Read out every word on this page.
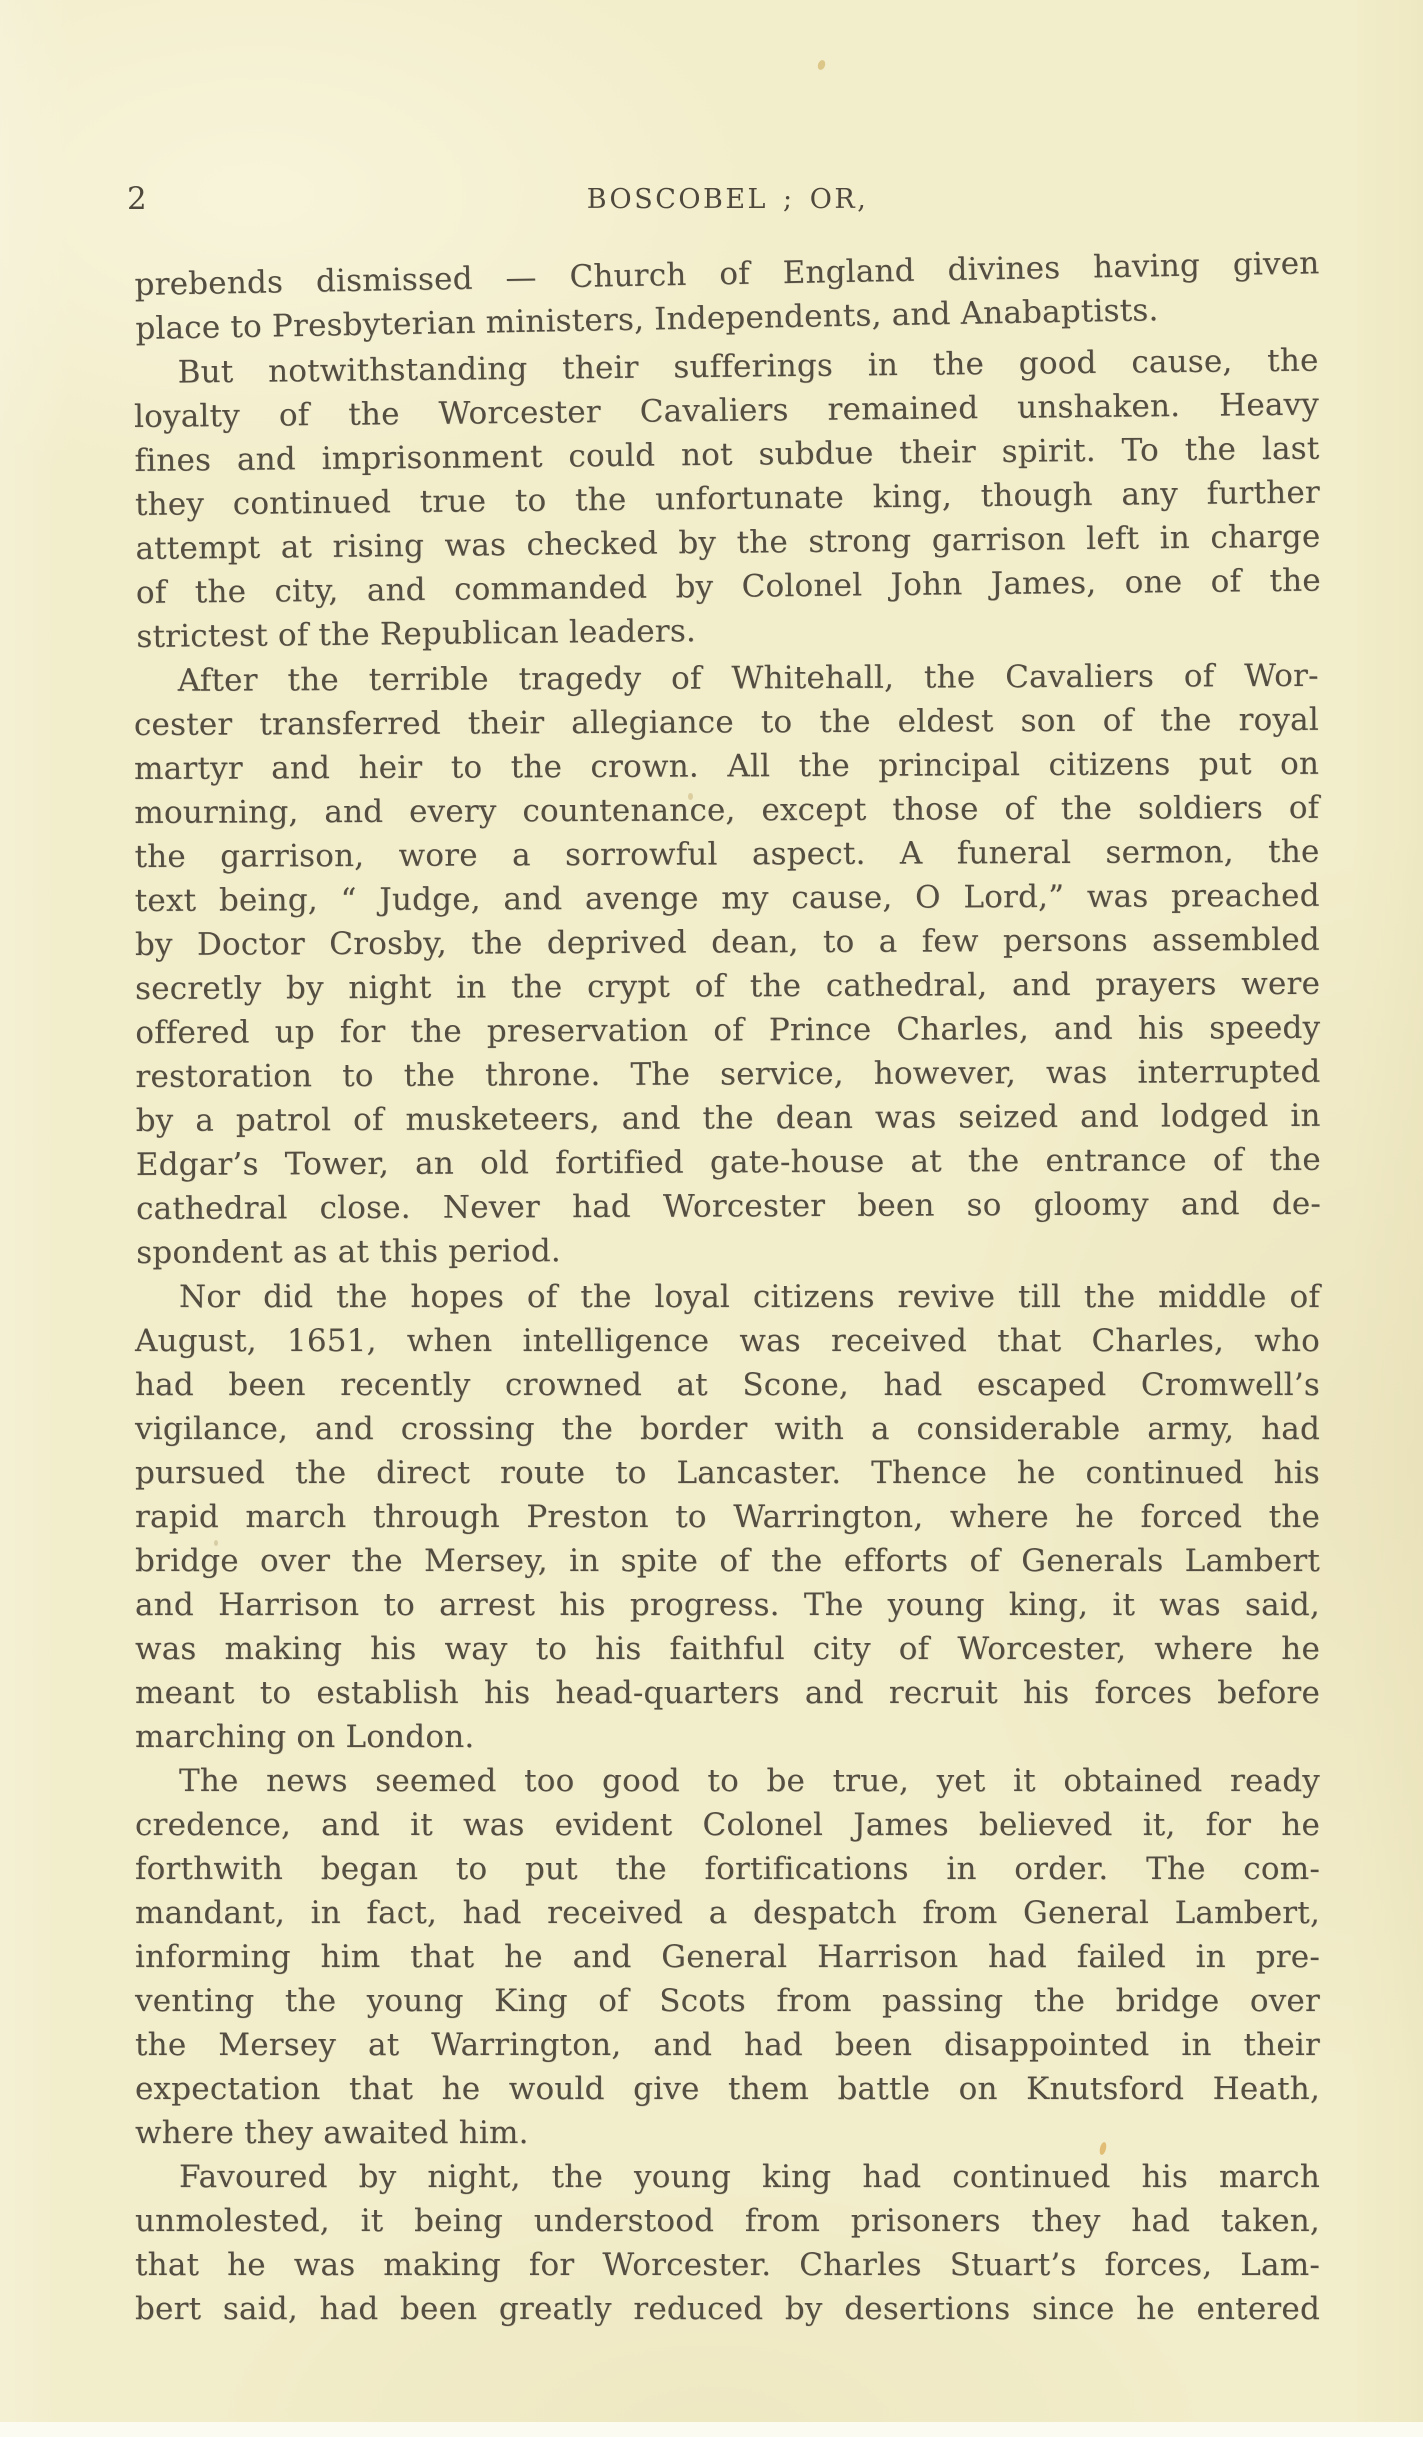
2	BOSCOBEL ; OR,
prebends dismissed — Church of England divines having given
place to Presbyterian ministers, Independents, and Anabaptists.
But notwithstanding their sufferings in the good cause, the
loyalty of the Worcester Cavaliers remained unshaken. Heavy
fines and imprisonment could not subdue their spirit. To the last
they continued true to the unfortunate king, though any further
attempt at rising was checked by the strong garrison left in charge
of the city, and commanded by Colonel John James, one of the
strictest of the Republican leaders.
After the terrible tragedy of Whitehall, the Cavaliers of Wor-
cester transferred their allegiance to the eldest son of the royal
martyr and heir to the crown. All the principal citizens put on
mourning, and every countenance, except those of the soldiers of
the garrison, wore a sorrowful aspect. A funeral sermon, the
text being, “ Judge, and avenge my cause, O Lord,” was preached
by Doctor Crosby, the deprived dean, to a few persons assembled
secretly by night in the crypt of the cathedral, and prayers were
offered up for the preservation of Prince Charles, and his speedy
restoration to the throne. The service, however, was interrupted
by a patrol of musketeers, and the dean was seized and lodged in
Edgar’s Tower, an old fortified gate-house at the entrance of the
cathedral close. Never had Worcester been so gloomy and de-
spondent as at this period.
Nor did the hopes of the loyal citizens revive till the middle of
August, 1651, when intelligence was received that Charles, who
had been recently crowned at Scone, had escaped Cromwell’s
vigilance, and crossing the border with a considerable army, had
pursued the direct route to Lancaster. Thence he continued his
rapid march through Preston to Warrington, where he forced the
bridge over the Mersey, in spite of the efforts of Generals Lambert
and Harrison to arrest his progress. The young king, it was said,
was making his way to his faithful city of Worcester, where he
meant to establish his head-quarters and recruit his forces before
marching on London.
The news seemed too good to be true, yet it obtained ready
credence, and it was evident Colonel James believed it, for he
forthwith began to put the fortifications in order. The com-
mandant, in fact, had received a despatch from General Lambert,
informing him that he and General Harrison had failed in pre-
venting the young King of Scots from passing the bridge over
the Mersey at Warrington, and had been disappointed in their
expectation that he would give them battle on Knutsford Heath,
where they awaited him.
Favoured by night, the young king had continued his march
unmolested, it being understood from prisoners they had taken,
that he was making for Worcester. Charles Stuart’s forces, Lam-
bert said, had been greatly reduced by desertions since he entered
